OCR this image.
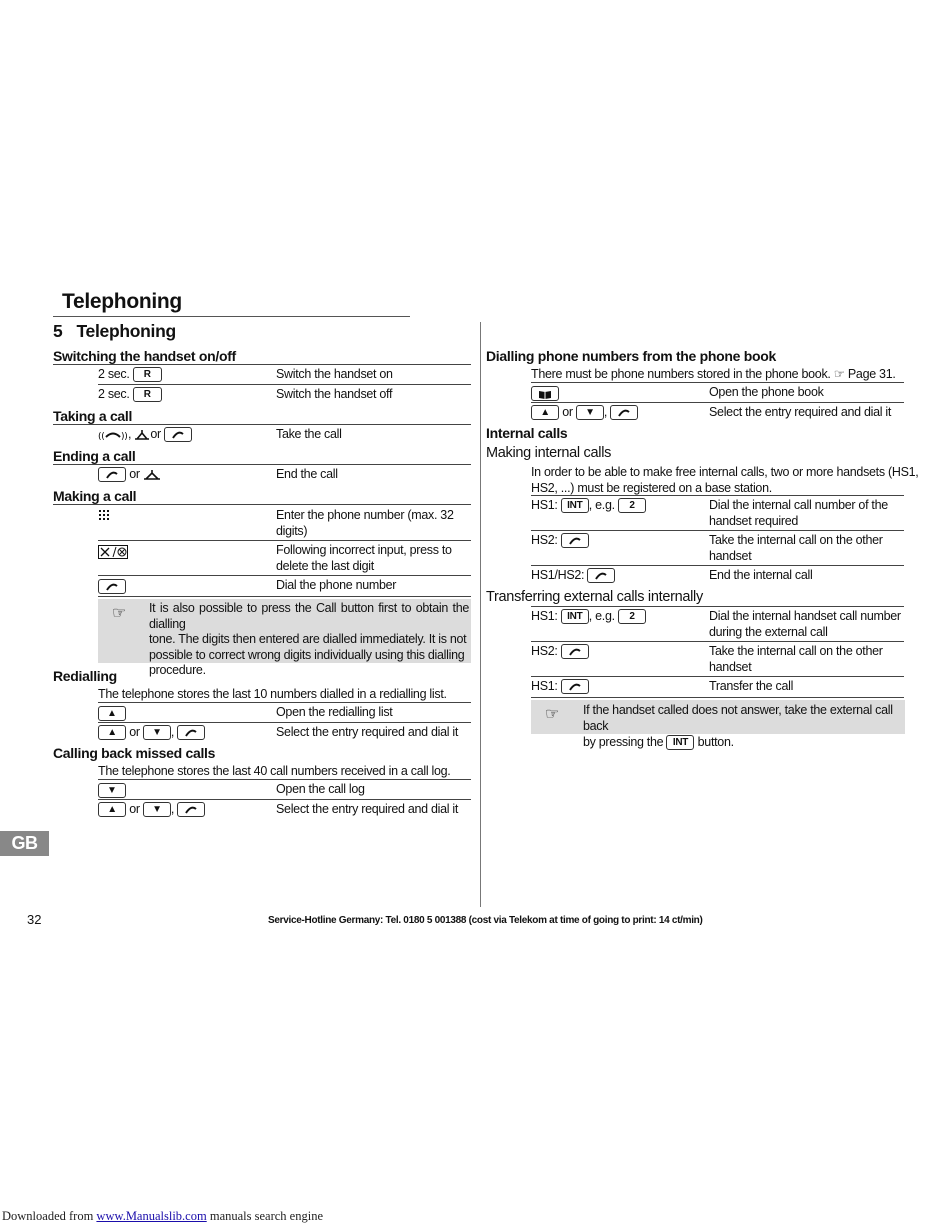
Telephoning
5 Telephoning
Switching the handset on/off
2 sec. R	Switch the handset on
2 sec. R	Switch the handset off
Taking a call
(( )) , or	Take the call
Ending a call
or	End the call
Making a call
Enter the phone number (max. 32
digits)
Following incorrect input, press to
delete the last digit
Dial the phone number
☞ It is also possible to press the Call button first to obtain the dialling
tone. The digits then entered are dialled immediately. It is not
possible to correct wrong digits individually using this dialling
procedure.
Redialling
The telephone stores the last 10 numbers dialled in a redialling list.
▲	Open the redialling list
▲ or ▼ ,	Select the entry required and dial it
Calling back missed calls
The telephone stores the last 40 call numbers received in a call log.
▼	Open the call log
▲ or ▼ ,	Select the entry required and dial it
Dialling phone numbers from the phone book
There must be phone numbers stored in the phone book. ☞ Page 31.
Open the phone book
▲ or ▼ ,	Select the entry required and dial it
Internal calls
Making internal calls
In order to be able to make free internal calls, two or more handsets (HS1,
HS2, ...) must be registered on a base station.
HS1: INT , e.g. 2	Dial the internal call number of the
handset required
HS2:	Take the internal call on the other
handset
HS1/HS2:	End the internal call
Transferring external calls internally
HS1: INT , e.g. 2	Dial the internal handset call number
during the external call
HS2:	Take the internal call on the other
handset
HS1:	Transfer the call
☞ If the handset called does not answer, take the external call back
by pressing the INT button.
GB
32	Service-Hotline Germany: Tel. 0180 5 001388 (cost via Telekom at time of going to print: 14 ct/min)
Downloaded from www.Manualslib.com manuals search engine
